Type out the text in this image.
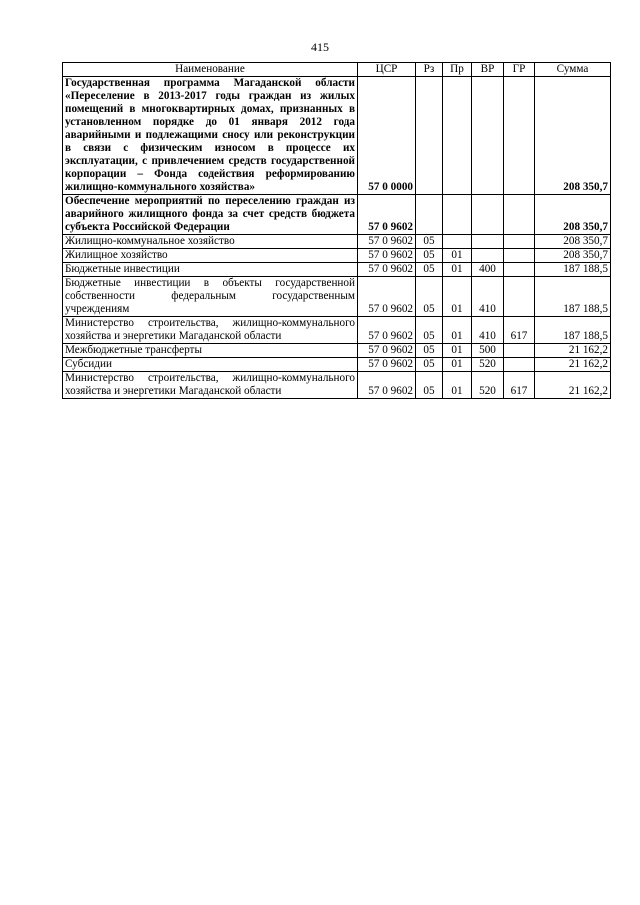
415
Наименование	ЦСР	Рз	Пр	ВР	ГР	Сумма
Государственная программа Магаданской области «Переселение в 2013-2017 годы граждан из жилых помещений в многоквартирных домах, признанных в установленном порядке до 01 января 2012 года аварийными и подлежащими сносу или реконструкции в связи с физическим износом в процессе их эксплуатации, с привлечением средств государственной корпорации – Фонда содействия реформированию жилищно-коммунального хозяйства»	57 0 0000					208 350,7
Обеспечение мероприятий по переселению граждан из аварийного жилищного фонда за счет средств бюджета субъекта Российской Федерации	57 0 9602					208 350,7
Жилищно-коммунальное хозяйство	57 0 9602	05				208 350,7
Жилищное хозяйство	57 0 9602	05	01			208 350,7
Бюджетные инвестиции	57 0 9602	05	01	400		187 188,5
Бюджетные инвестиции в объекты государственной собственности федеральным государственным учреждениям	57 0 9602	05	01	410		187 188,5
Министерство строительства, жилищно-коммунального хозяйства и энергетики Магаданской области	57 0 9602	05	01	410	617	187 188,5
Межбюджетные трансферты	57 0 9602	05	01	500		21 162,2
Субсидии	57 0 9602	05	01	520		21 162,2
Министерство строительства, жилищно-коммунального хозяйства и энергетики Магаданской области	57 0 9602	05	01	520	617	21 162,2
